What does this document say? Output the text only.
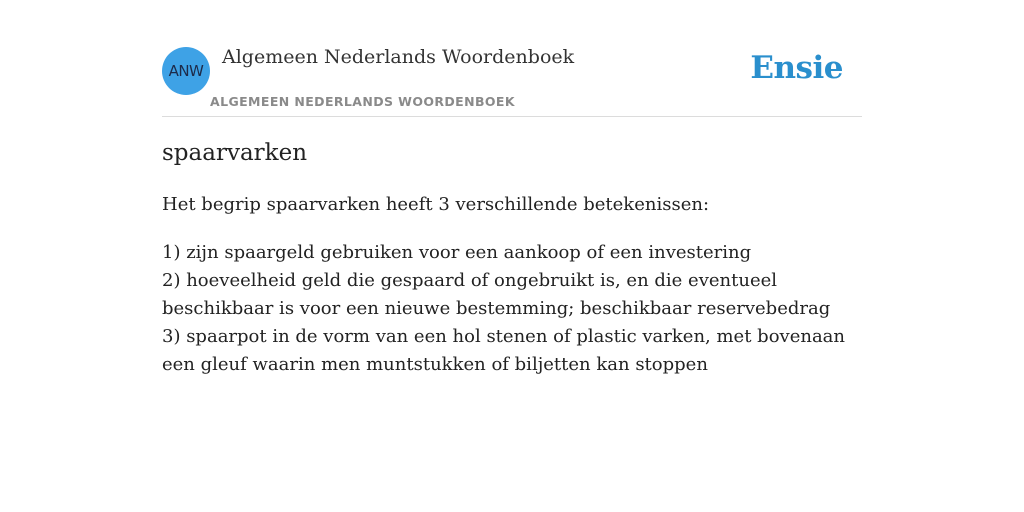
ANW
Algemeen Nederlands Woordenboek
ALGEMEEN NEDERLANDS WOORDENBOEK
Ensie
spaarvarken

Het begrip spaarvarken heeft 3 verschillende betekenissen:

1) zijn spaargeld gebruiken voor een aankoop of een investering
2) hoeveelheid geld die gespaard of ongebruikt is, en die eventueel beschikbaar is voor een nieuwe bestemming; beschikbaar reservebedrag
3) spaarpot in de vorm van een hol stenen of plastic varken, met bovenaan een gleuf waarin men muntstukken of biljetten kan stoppen
